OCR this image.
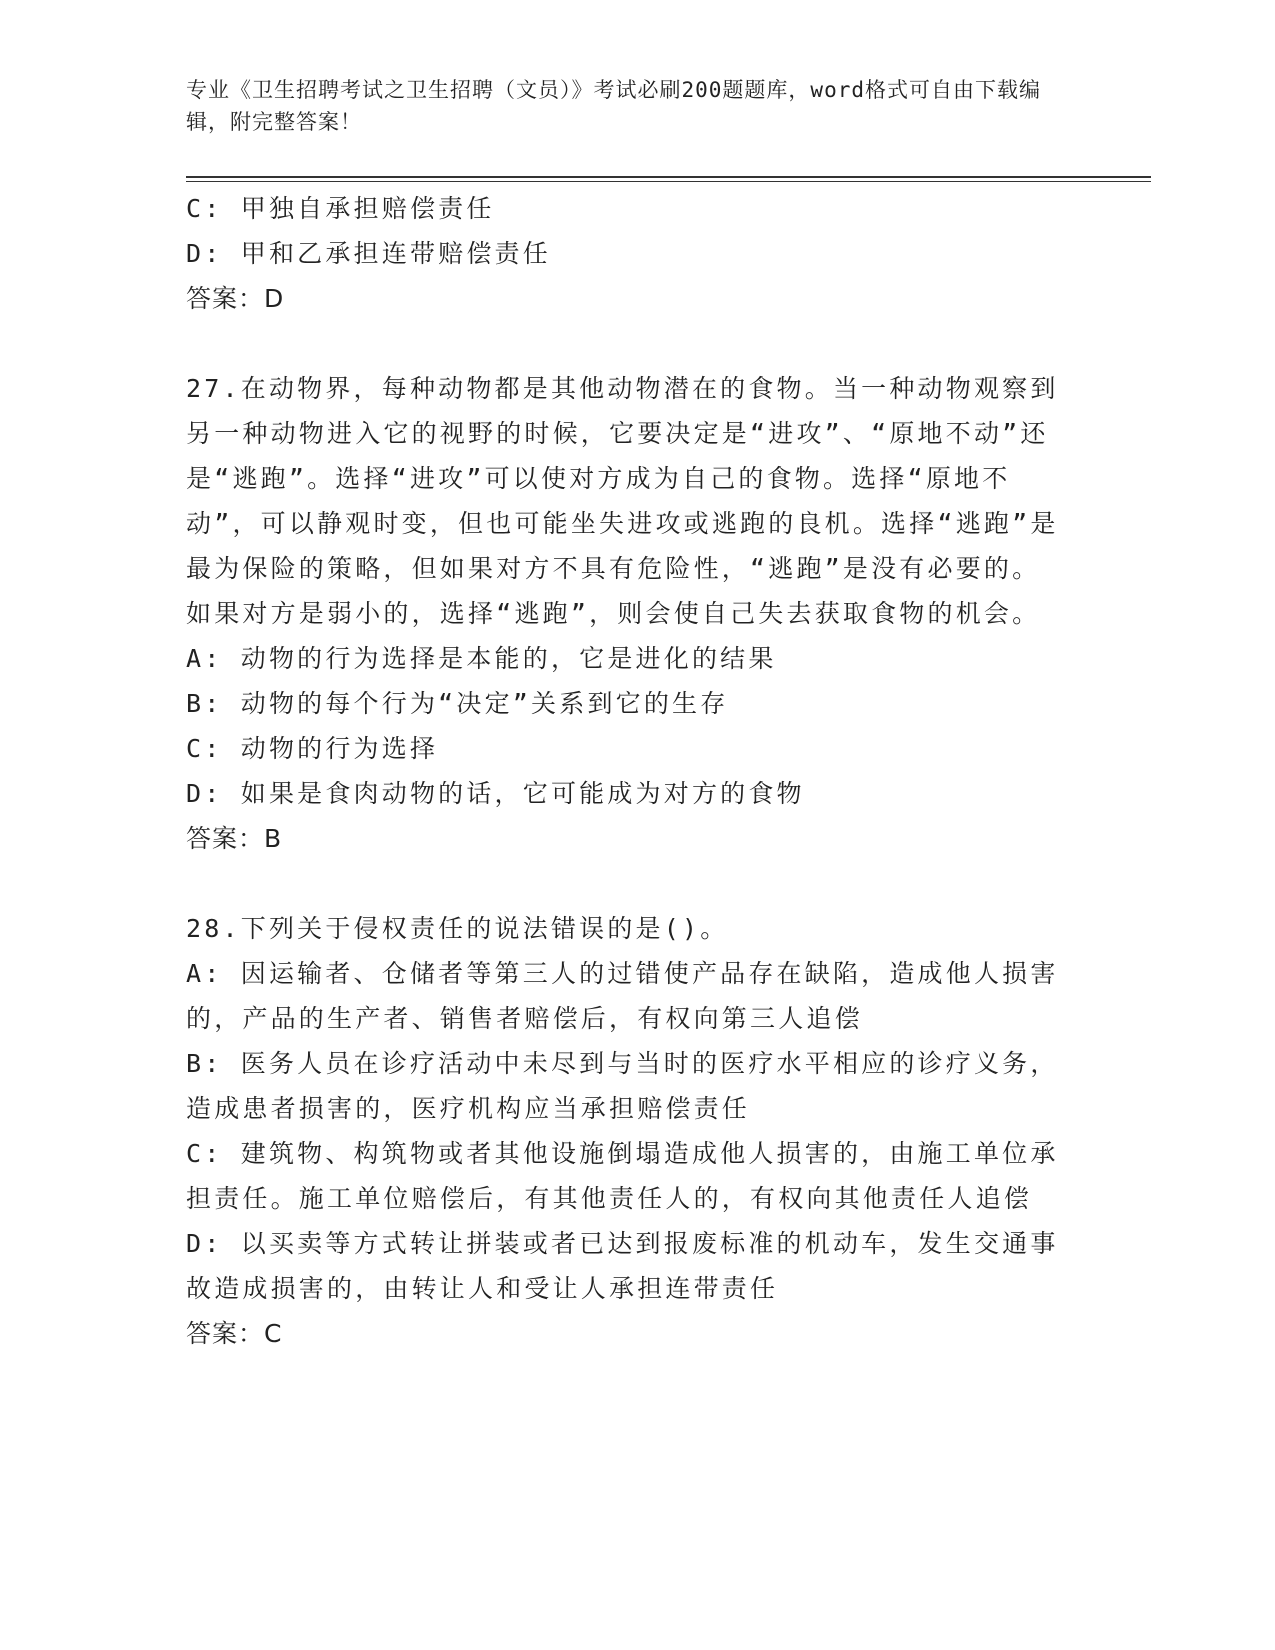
专业《卫生招聘考试之卫生招聘（文员）》考试必刷200题题库，word格式可自由下载编辑，附完整答案！
C: 甲独自承担赔偿责任
D: 甲和乙承担连带赔偿责任
答案：D
27.在动物界，每种动物都是其他动物潜在的食物。当一种动物观察到另一种动物进入它的视野的时候，它要决定是“进攻”、“原地不动”还是“逃跑”。选择“进攻”可以使对方成为自己的食物。选择“原地不动”，可以静观时变，但也可能坐失进攻或逃跑的良机。选择“逃跑”是最为保险的策略，但如果对方不具有危险性，“逃跑”是没有必要的。如果对方是弱小的，选择“逃跑”，则会使自己失去获取食物的机会。
A: 动物的行为选择是本能的，它是进化的结果
B: 动物的每个行为“决定”关系到它的生存
C: 动物的行为选择
D: 如果是食肉动物的话，它可能成为对方的食物
答案：B
28.下列关于侵权责任的说法错误的是()。
A: 因运输者、仓储者等第三人的过错使产品存在缺陷，造成他人损害的，产品的生产者、销售者赔偿后，有权向第三人追偿
B: 医务人员在诊疗活动中未尽到与当时的医疗水平相应的诊疗义务，造成患者损害的，医疗机构应当承担赔偿责任
C: 建筑物、构筑物或者其他设施倒塌造成他人损害的，由施工单位承担责任。施工单位赔偿后，有其他责任人的，有权向其他责任人追偿
D: 以买卖等方式转让拼装或者已达到报废标准的机动车，发生交通事故造成损害的，由转让人和受让人承担连带责任
答案：C
